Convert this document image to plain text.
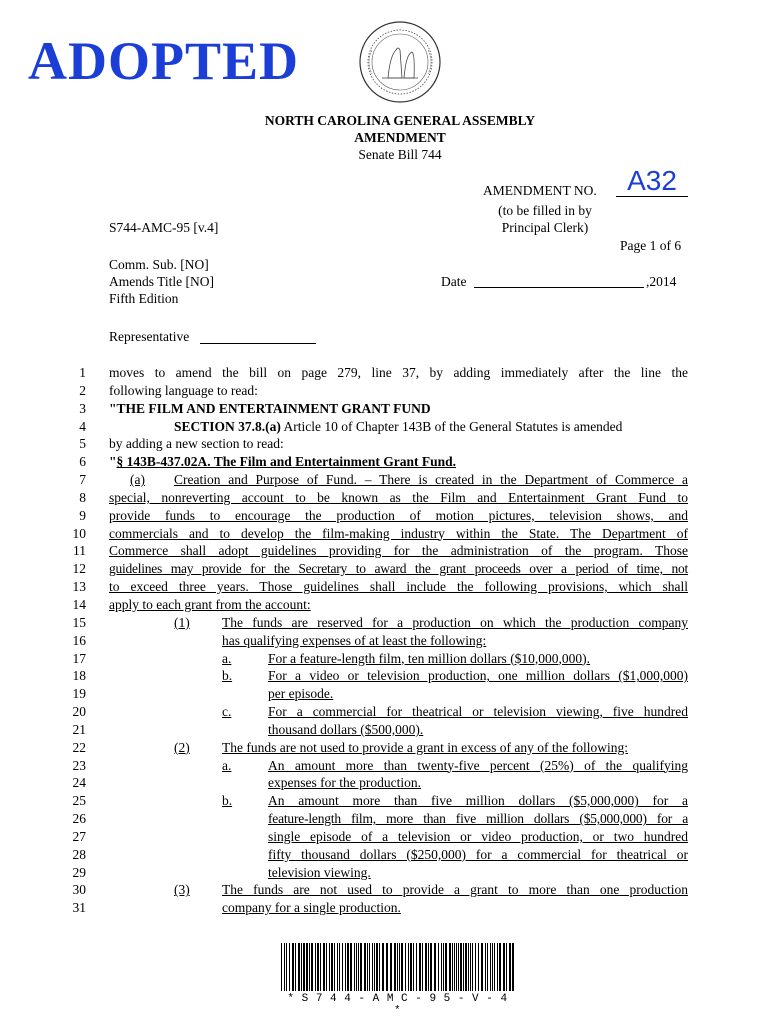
ADOPTED
NORTH CAROLINA GENERAL ASSEMBLY
AMENDMENT
Senate Bill 744
AMENDMENT NO.	A32
(to be filled in by
Principal Clerk)
S744-AMC-95 [v.4]
Page 1 of 6
Comm. Sub. [NO]
Amends Title [NO]
Fifth Edition
Date	,2014
Representative
1 moves to amend the bill on page 279, line 37, by adding immediately after the line the
2 following language to read:
3 "THE FILM AND ENTERTAINMENT GRANT FUND
4	SECTION 37.8.(a) Article 10 of Chapter 143B of the General Statutes is amended
5 by adding a new section to read:
6 "§ 143B-437.02A. The Film and Entertainment Grant Fund.
7	(a) Creation and Purpose of Fund. – There is created in the Department of Commerce a
8 special, nonreverting account to be known as the Film and Entertainment Grant Fund to
9 provide funds to encourage the production of motion pictures, television shows, and
10 commercials and to develop the film-making industry within the State. The Department of
11 Commerce shall adopt guidelines providing for the administration of the program. Those
12 guidelines may provide for the Secretary to award the grant proceeds over a period of time, not
13 to exceed three years. Those guidelines shall include the following provisions, which shall
14 apply to each grant from the account:
15	(1) The funds are reserved for a production on which the production company
16	has qualifying expenses of at least the following:
17	a.	For a feature-length film, ten million dollars ($10,000,000).
18	b.	For a video or television production, one million dollars ($1,000,000)
19	per episode.
20	c.	For a commercial for theatrical or television viewing, five hundred
21	thousand dollars ($500,000).
22	(2) The funds are not used to provide a grant in excess of any of the following:
23	a.	An amount more than twenty-five percent (25%) of the qualifying
24	expenses for the production.
25	b.	An amount more than five million dollars ($5,000,000) for a
26	feature-length film, more than five million dollars ($5,000,000) for a
27	single episode of a television or video production, or two hundred
28	fifty thousand dollars ($250,000) for a commercial for theatrical or
29	television viewing.
30	(3) The funds are not used to provide a grant to more than one production
31	company for a single production.
* S 7 4 4 - A M C - 9 5 - V - 4 *
